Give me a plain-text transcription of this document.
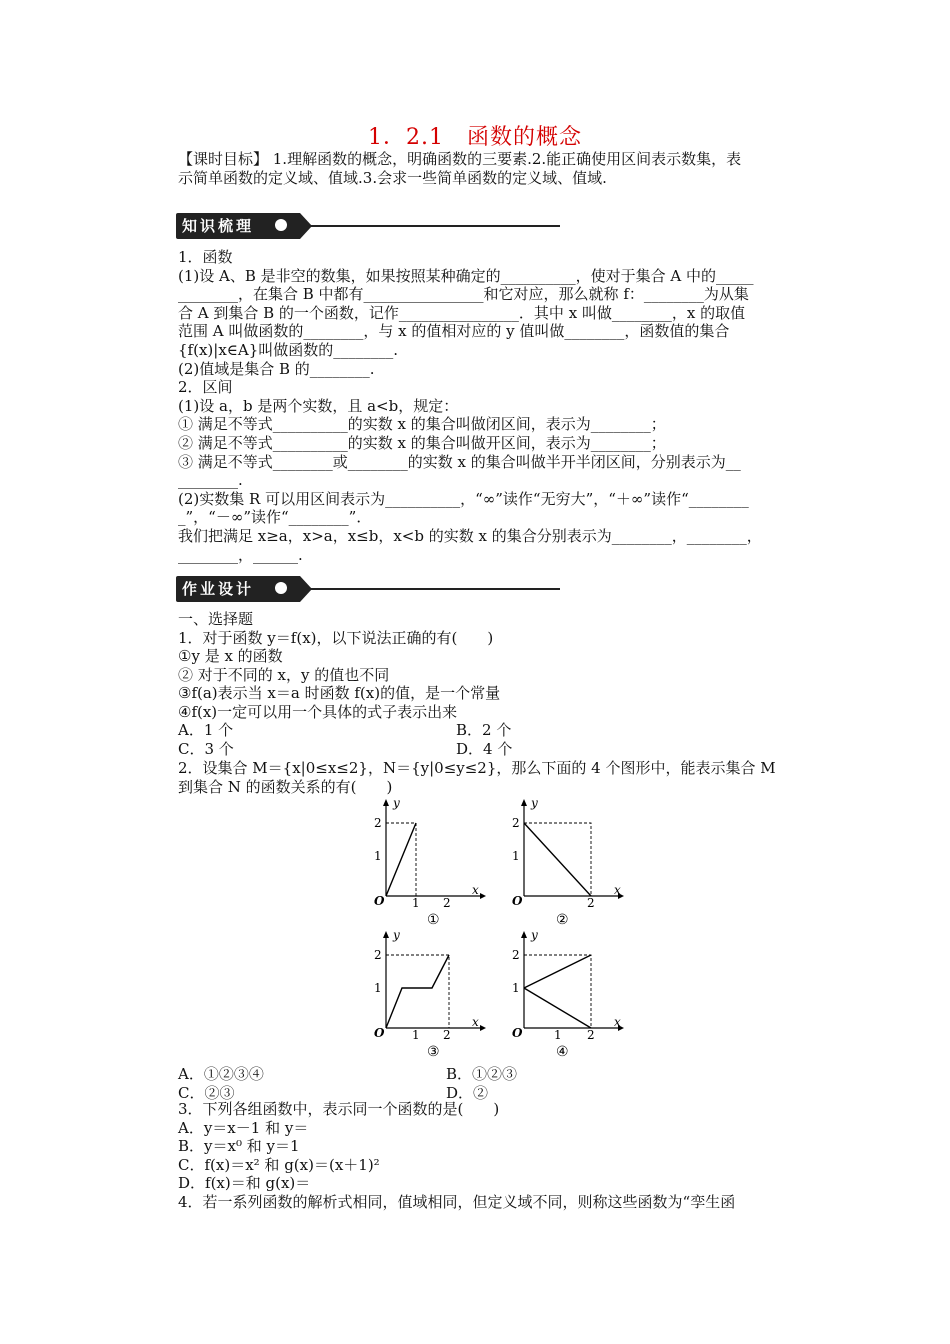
1．2.1　函数的概念
【课时目标】 1.理解函数的概念，明确函数的三要素.2.能正确使用区间表示数集，表
示简单函数的定义域、值域.3.会求一些简单函数的定义域、值域.
知识梳理
1．函数
(1)设 A、B 是非空的数集，如果按照某种确定的__________，使对于集合 A 中的_____
________，在集合 B 中都有________________和它对应，那么就称 f：________为从集
合 A 到集合 B 的一个函数，记作________________．其中 x 叫做________，x 的取值
范围 A 叫做函数的________，与 x 的值相对应的 y 值叫做________，函数值的集合
{f(x)|x∈A}叫做函数的________.
(2)值域是集合 B 的________.
2．区间
(1)设 a，b 是两个实数，且 a<b，规定：
① 满足不等式__________的实数 x 的集合叫做闭区间，表示为________；
② 满足不等式__________的实数 x 的集合叫做开区间，表示为________；
③ 满足不等式________或________的实数 x 的集合叫做半开半闭区间，分别表示为__
________.
(2)实数集 R 可以用区间表示为__________，“∞”读作“无穷大”，“＋∞”读作“________
_”，“－∞”读作“________”．
我们把满足 x≥a，x>a，x≤b，x<b 的实数 x 的集合分别表示为________，________，
________，______.
作业设计
一、选择题
1．对于函数 y＝f(x)，以下说法正确的有(　　)
①y 是 x 的函数
② 对于不同的 x，y 的值也不同
③f(a)表示当 x＝a 时函数 f(x)的值，是一个常量
④f(x)一定可以用一个具体的式子表示出来
A．1 个	B．2 个
C．3 个	D．4 个
2．设集合 M＝{x|0≤x≤2}，N＝{y|0≤y≤2}，那么下面的 4 个图形中，能表示集合 M
到集合 N 的函数关系的有(　　)
y
x
O 1 2
1
2
①
y
x
O	2
1
2
②
y
x
O 1 2
1
2
③
y
x
O	1 2
1
2
④
A．①②③④	B．①②③
C．②③	D．②
3．下列各组函数中，表示同一个函数的是(　　)
A．y＝x－1 和 y＝
B．y＝x⁰ 和 y＝1
C．f(x)＝x² 和 g(x)＝(x＋1)²
D．f(x)＝和 g(x)＝
4．若一系列函数的解析式相同，值域相同，但定义域不同，则称这些函数为“孪生函
